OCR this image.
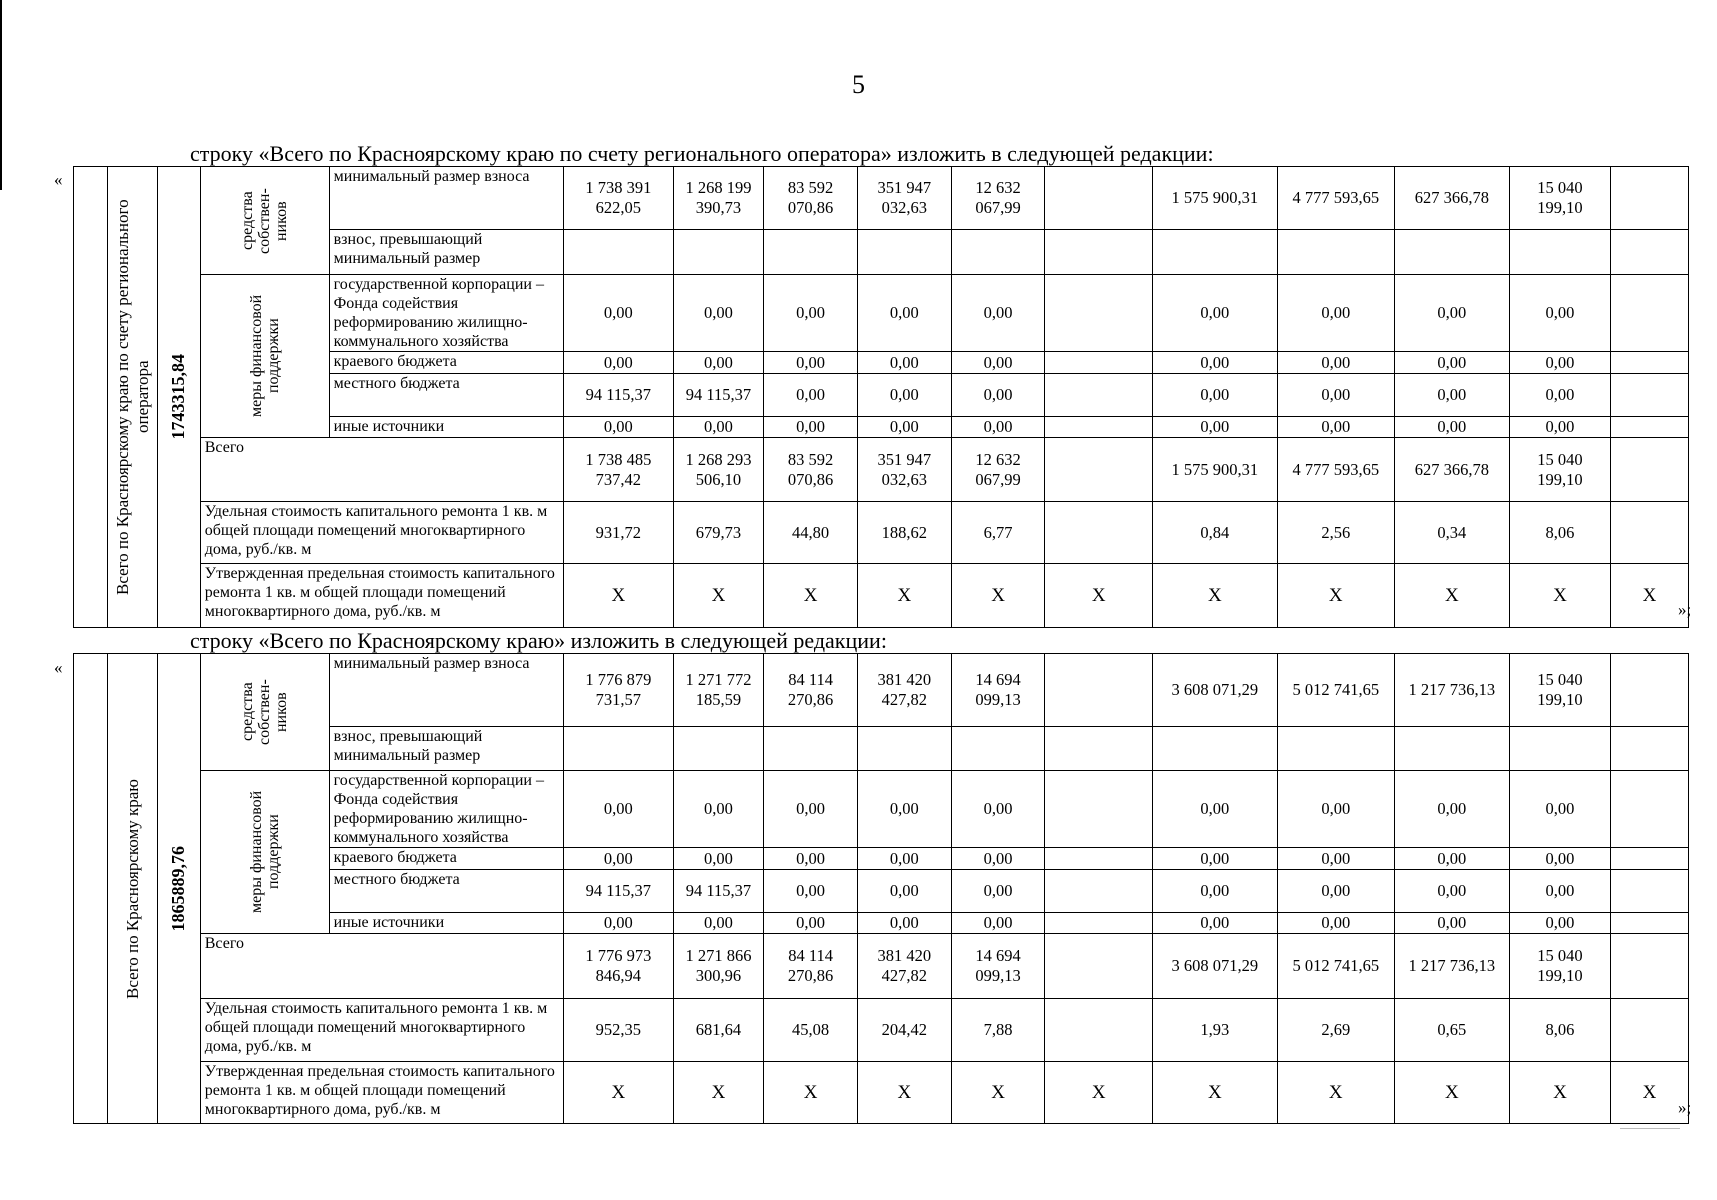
5
строку «Всего по Красноярскому краю по счету регионального оператора» изложить в следующей редакции:
«
»;

	Всего по Красноярскому краю по счету регионального оператора	1743315,84	средства собствен-ников	минимальный размер взноса	1 738 391 622,05	1 268 199 390,73	83 592 070,86	351 947 032,63	12 632 067,99		1 575 900,31	4 777 593,65	627 366,78	15 040 199,10	
				взнос, превышающий минимальный размер											

			меры финансовой поддержки	государственной корпорации – Фонда содействия реформированию жилищно-коммунального хозяйства	0,00	0,00	0,00	0,00	0,00		0,00	0,00	0,00	0,00	
				краевого бюджета	0,00	0,00	0,00	0,00	0,00		0,00	0,00	0,00	0,00	
				местного бюджета	94 115,37	94 115,37	0,00	0,00	0,00		0,00	0,00	0,00	0,00	
				иные источники	0,00	0,00	0,00	0,00	0,00		0,00	0,00	0,00	0,00	
			Всего		1 738 485 737,42	1 268 293 506,10	83 592 070,86	351 947 032,63	12 632 067,99		1 575 900,31	4 777 593,65	627 366,78	15 040 199,10	
			Удельная стоимость капитального ремонта 1 кв. м общей площади помещений многоквартирного дома, руб./кв. м		931,72	679,73	44,80	188,62	6,77		0,84	2,56	0,34	8,06	
			Утвержденная предельная стоимость капитального ремонта 1 кв. м общей площади помещений многоквартирного дома, руб./кв. м		X	X	X	X	X	X	X	X	X	X	X
строку «Всего по Красноярскому краю» изложить в следующей редакции:
«
»;

	Всего по Красноярскому краю	1865889,76	средства собствен-ников	минимальный размер взноса	1 776 879 731,57	1 271 772 185,59	84 114 270,86	381 420 427,82	14 694 099,13		3 608 071,29	5 012 741,65	1 217 736,13	15 040 199,10	
				взнос, превышающий минимальный размер											

			меры финансовой поддержки	государственной корпорации – Фонда содействия реформированию жилищно-коммунального хозяйства	0,00	0,00	0,00	0,00	0,00		0,00	0,00	0,00	0,00	
				краевого бюджета	0,00	0,00	0,00	0,00	0,00		0,00	0,00	0,00	0,00	
				местного бюджета	94 115,37	94 115,37	0,00	0,00	0,00		0,00	0,00	0,00	0,00	
				иные источники	0,00	0,00	0,00	0,00	0,00		0,00	0,00	0,00	0,00	
			Всего		1 776 973 846,94	1 271 866 300,96	84 114 270,86	381 420 427,82	14 694 099,13		3 608 071,29	5 012 741,65	1 217 736,13	15 040 199,10	
			Удельная стоимость капитального ремонта 1 кв. м общей площади помещений многоквартирного дома, руб./кв. м		952,35	681,64	45,08	204,42	7,88		1,93	2,69	0,65	8,06	
			Утвержденная предельная стоимость капитального ремонта 1 кв. м общей площади помещений многоквартирного дома, руб./кв. м		X	X	X	X	X	X	X	X	X	X	X
